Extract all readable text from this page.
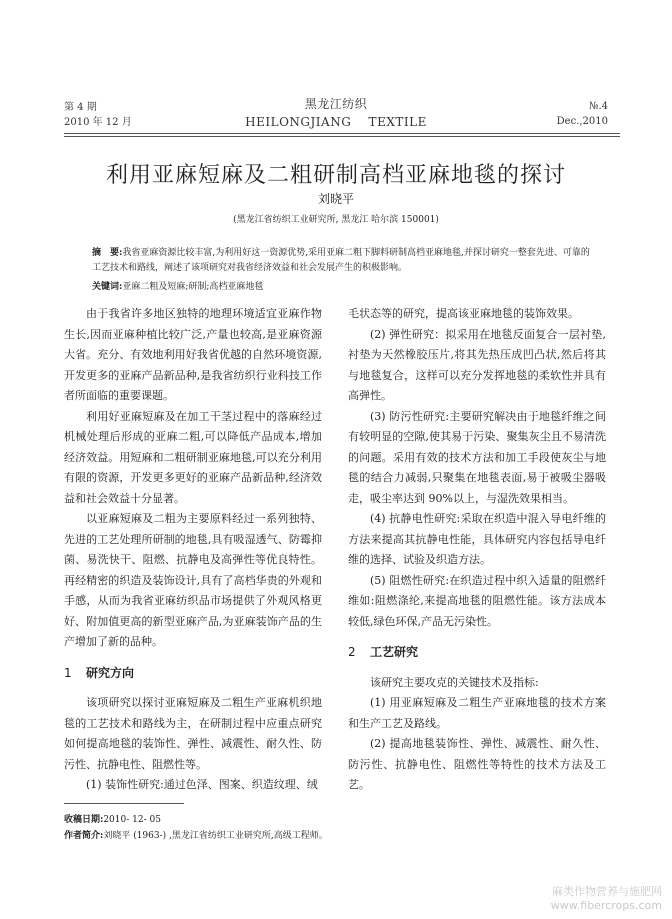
第 4 期
2010 年 12 月
黑龙江纺织
HEILONGJIANG    TEXTILE
№.4
Dec.,2010
利用亚麻短麻及二粗研制高档亚麻地毯的探讨
刘晓平
(黑龙江省纺织工业研究所, 黑龙江 哈尔滨 150001)
摘　要:我省亚麻资源比较丰富,为利用好这一资源优势,采用亚麻二粗下脚料研制高档亚麻地毯,并探讨研究一整套先进、可靠的工艺技术和路线，阐述了该项研究对我省经济效益和社会发展产生的积极影响。
关键词:亚麻二粗及短麻;研制;高档亚麻地毯

由于我省许多地区独特的地理环境适宜亚麻作物生长,因而亚麻种植比较广泛,产量也较高,是亚麻资源大省。充分、有效地利用好我省优越的自然环境资源,开发更多的亚麻产品新品种,是我省纺织行业科技工作者所面临的重要课题。

利用好亚麻短麻及在加工干茎过程中的落麻经过机械处理后形成的亚麻二粗,可以降低产品成本,增加经济效益。用短麻和二粗研制亚麻地毯,可以充分利用有限的资源，开发更多更好的亚麻产品新品种,经济效益和社会效益十分显著。

以亚麻短麻及二粗为主要原料经过一系列独特、先进的工艺处理所研制的地毯,具有吸湿透气、防霉抑菌、易洗快干、阻燃、抗静电及高弹性等优良特性。再经精密的织造及装饰设计,具有了高档华贵的外观和手感，从而为我省亚麻纺织品市场提供了外观风格更好、附加值更高的新型亚麻产品,为亚麻装饰产品的生产增加了新的品种。

1 研究方向

该项研究以探讨亚麻短麻及二粗生产亚麻机织地毯的工艺技术和路线为主，在研制过程中应重点研究如何提高地毯的装饰性、弹性、减震性、耐久性、防污性、抗静电性、阻燃性等。

(1) 装饰性研究:通过色泽、图案、织造纹理、绒

毛状态等的研究，提高该亚麻地毯的装饰效果。

(2) 弹性研究：拟采用在地毯反面复合一层衬垫,衬垫为天然橡胶压片,将其先热压成凹凸状,然后将其与地毯复合，这样可以充分发挥地毯的柔软性并具有高弹性。

(3) 防污性研究:主要研究解决由于地毯纤维之间有较明显的空隙,使其易于污染、聚集灰尘且不易清洗的问题。采用有效的技术方法和加工手段使灰尘与地毯的结合力减弱,只聚集在地毯表面,易于被吸尘器吸走，吸尘率达到 90%以上，与湿洗效果相当。

(4) 抗静电性研究:采取在织造中混入导电纤维的方法来提高其抗静电性能，具体研究内容包括导电纤维的选择、试验及织造方法。

(5) 阻燃性研究:在织造过程中织入适量的阻燃纤维如:阻燃涤纶,来提高地毯的阻燃性能。该方法成本较低,绿色环保,产品无污染性。

2 工艺研究

该研究主要攻克的关键技术及指标:

(1) 用亚麻短麻及二粗生产亚麻地毯的技术方案和生产工艺及路线。

(2) 提高地毯装饰性、弹性、减震性、耐久性、防污性、抗静电性、阻燃性等特性的技术方法及工艺。

收稿日期:2010- 12- 05
作者简介:刘晓平 (1963-) ,黑龙江省纺织工业研究所,高级工程师。
麻类作物营养与施肥网
www.fibercrops.com
